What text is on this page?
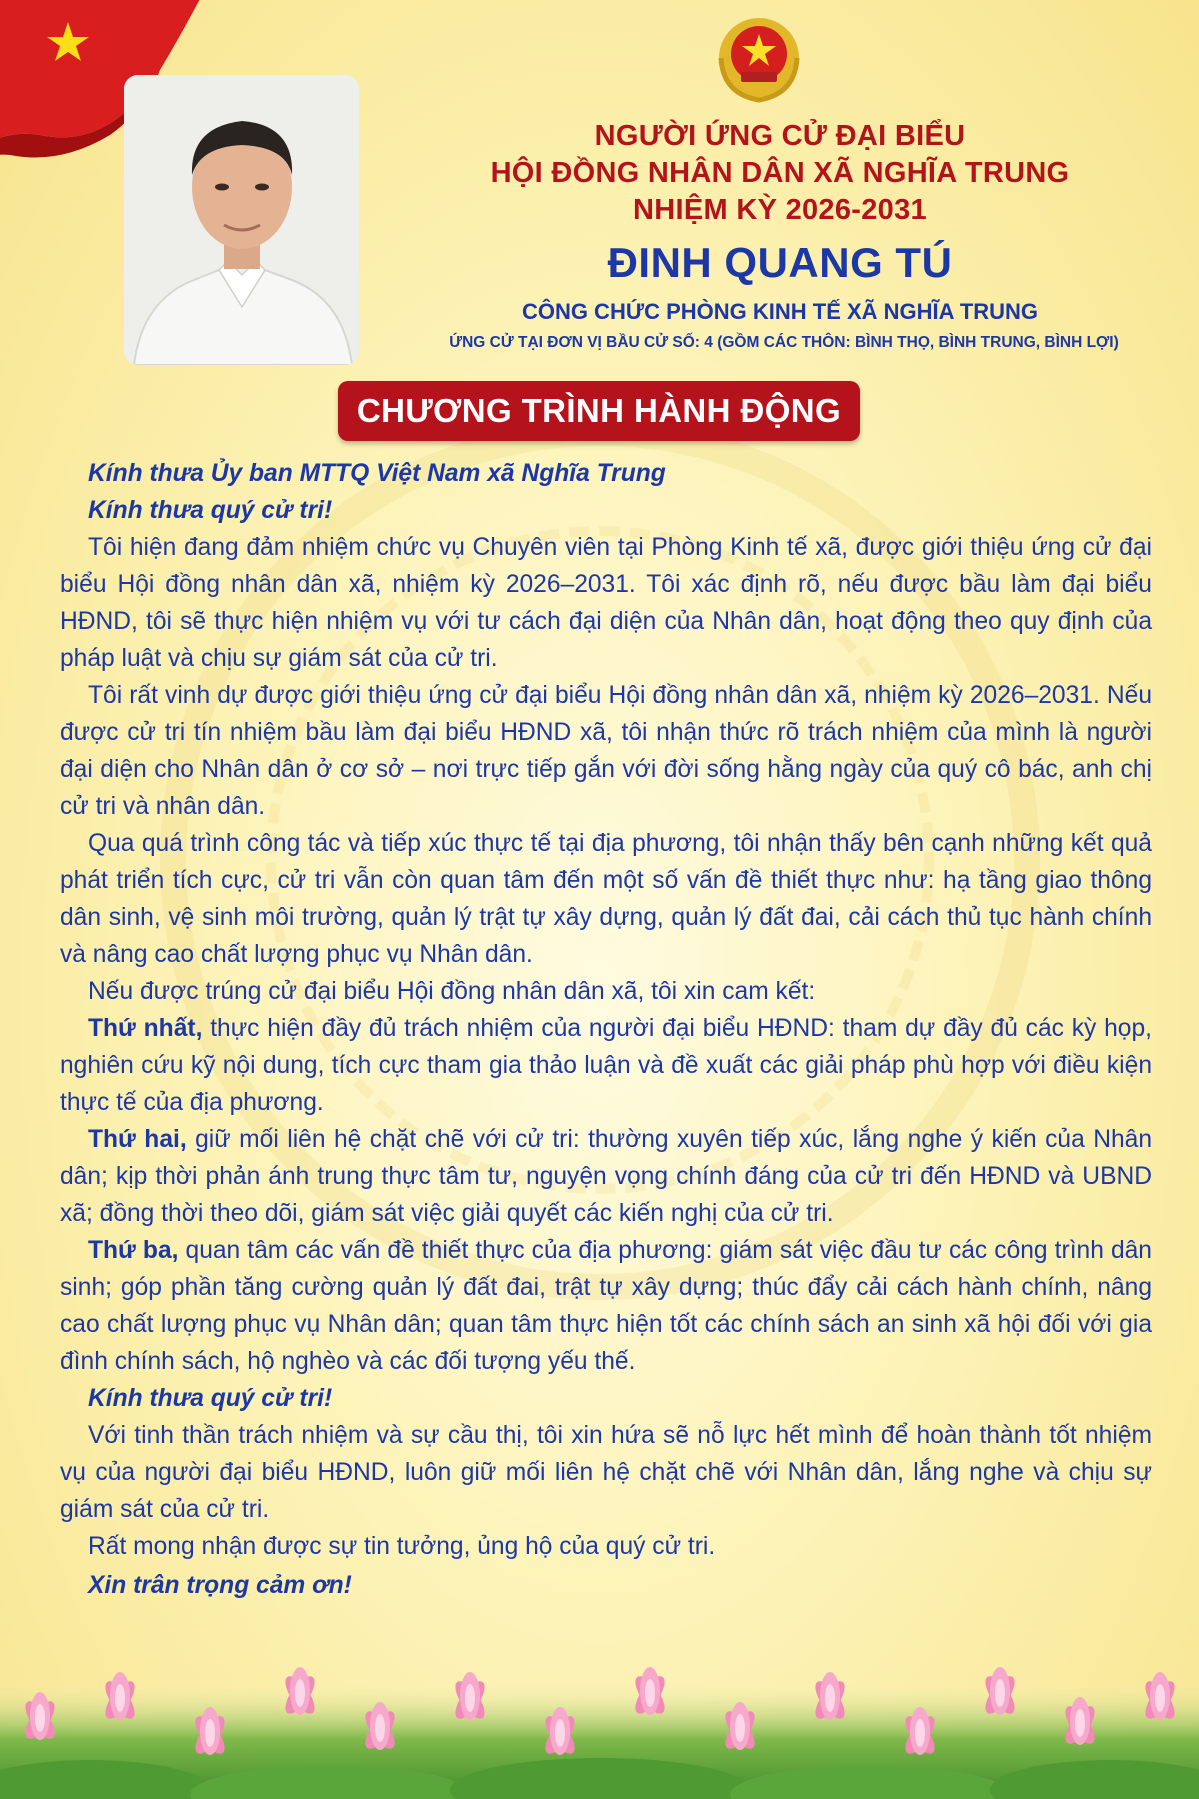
NGƯỜI ỨNG CỬ ĐẠI BIỂU
HỘI ĐỒNG NHÂN DÂN XÃ NGHĨA TRUNG
NHIỆM KỲ 2026-2031
ĐINH QUANG TÚ
CÔNG CHỨC PHÒNG KINH TẾ XÃ NGHĨA TRUNG
ỨNG CỬ TẠI ĐƠN VỊ BẦU CỬ SỐ: 4 (GỒM CÁC THÔN: BÌNH THỌ, BÌNH TRUNG, BÌNH LỢI)
CHƯƠNG TRÌNH HÀNH ĐỘNG

Kính thưa Ủy ban MTTQ Việt Nam xã Nghĩa Trung

Kính thưa quý cử tri!

Tôi hiện đang đảm nhiệm chức vụ Chuyên viên tại Phòng Kinh tế xã, được giới thiệu ứng cử đại biểu Hội đồng nhân dân xã, nhiệm kỳ 2026–2031. Tôi xác định rõ, nếu được bầu làm đại biểu HĐND, tôi sẽ thực hiện nhiệm vụ với tư cách đại diện của Nhân dân, hoạt động theo quy định của pháp luật và chịu sự giám sát của cử tri.

Tôi rất vinh dự được giới thiệu ứng cử đại biểu Hội đồng nhân dân xã, nhiệm kỳ 2026–2031. Nếu được cử tri tín nhiệm bầu làm đại biểu HĐND xã, tôi nhận thức rõ trách nhiệm của mình là người đại diện cho Nhân dân ở cơ sở – nơi trực tiếp gắn với đời sống hằng ngày của quý cô bác, anh chị cử tri và nhân dân.

Qua quá trình công tác và tiếp xúc thực tế tại địa phương, tôi nhận thấy bên cạnh những kết quả phát triển tích cực, cử tri vẫn còn quan tâm đến một số vấn đề thiết thực như: hạ tầng giao thông dân sinh, vệ sinh môi trường, quản lý trật tự xây dựng, quản lý đất đai, cải cách thủ tục hành chính và nâng cao chất lượng phục vụ Nhân dân.

Nếu được trúng cử đại biểu Hội đồng nhân dân xã, tôi xin cam kết:

Thứ nhất, thực hiện đầy đủ trách nhiệm của người đại biểu HĐND: tham dự đầy đủ các kỳ họp, nghiên cứu kỹ nội dung, tích cực tham gia thảo luận và đề xuất các giải pháp phù hợp với điều kiện thực tế của địa phương.

Thứ hai, giữ mối liên hệ chặt chẽ với cử tri: thường xuyên tiếp xúc, lắng nghe ý kiến của Nhân dân; kịp thời phản ánh trung thực tâm tư, nguyện vọng chính đáng của cử tri đến HĐND và UBND xã; đồng thời theo dõi, giám sát việc giải quyết các kiến nghị của cử tri.

Thứ ba, quan tâm các vấn đề thiết thực của địa phương: giám sát việc đầu tư các công trình dân sinh; góp phần tăng cường quản lý đất đai, trật tự xây dựng; thúc đẩy cải cách hành chính, nâng cao chất lượng phục vụ Nhân dân; quan tâm thực hiện tốt các chính sách an sinh xã hội đối với gia đình chính sách, hộ nghèo và các đối tượng yếu thế.

Kính thưa quý cử tri!

Với tinh thần trách nhiệm và sự cầu thị, tôi xin hứa sẽ nỗ lực hết mình để hoàn thành tốt nhiệm vụ của người đại biểu HĐND, luôn giữ mối liên hệ chặt chẽ với Nhân dân, lắng nghe và chịu sự giám sát của cử tri.

Rất mong nhận được sự tin tưởng, ủng hộ của quý cử tri.

Xin trân trọng cảm ơn!
